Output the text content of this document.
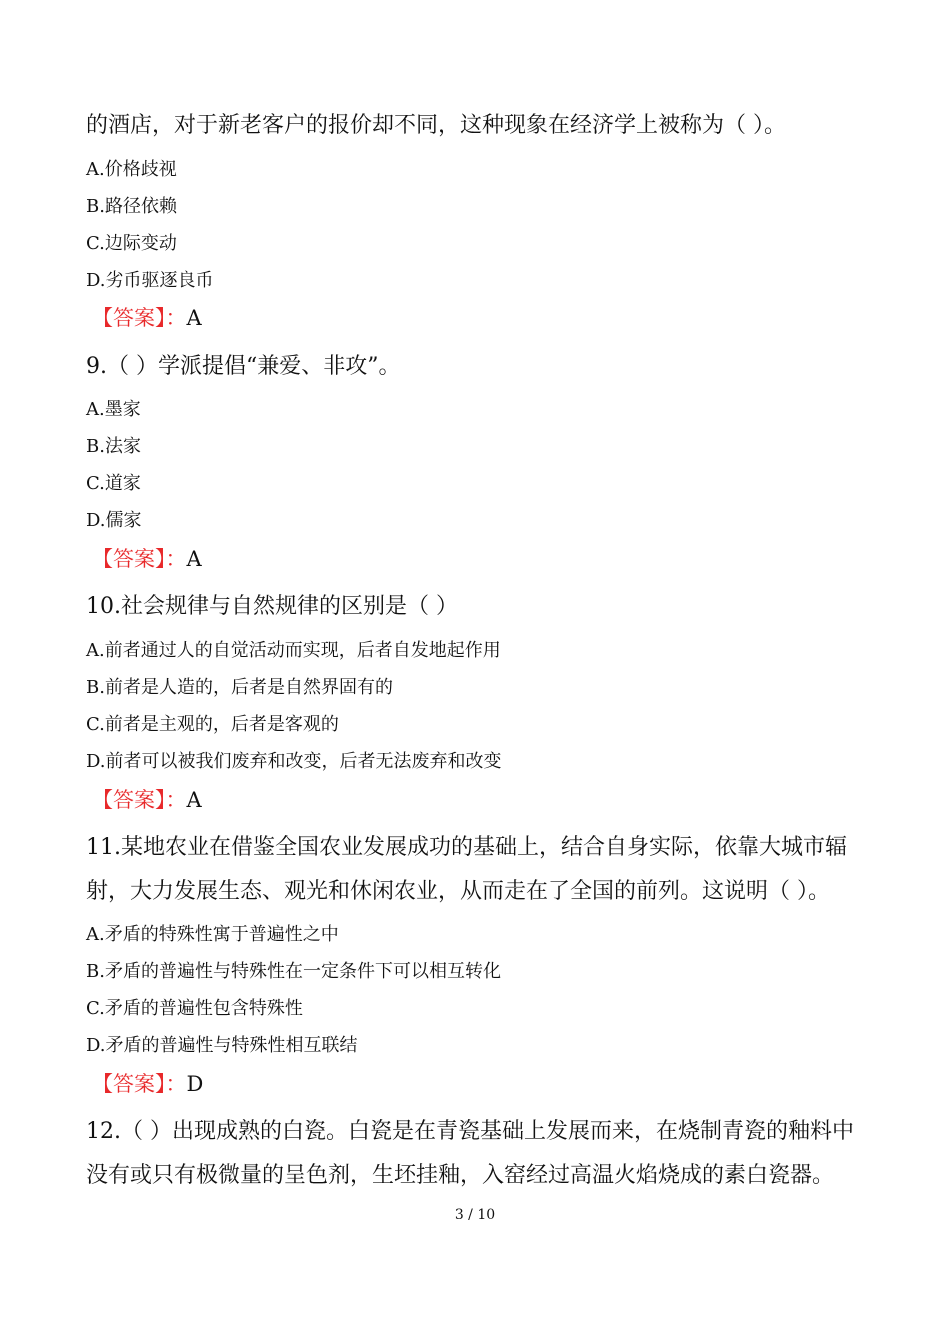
的酒店，对于新老客户的报价却不同，这种现象在经济学上被称为（ ）。
A.价格歧视
B.路径依赖
C.边际变动
D.劣币驱逐良币
【答案】：A
9.（ ）学派提倡“兼爱、非攻”。
A.墨家
B.法家
C.道家
D.儒家
【答案】：A
10.社会规律与自然规律的区别是（ ）
A.前者通过人的自觉活动而实现，后者自发地起作用
B.前者是人造的，后者是自然界固有的
C.前者是主观的，后者是客观的
D.前者可以被我们废弃和改变，后者无法废弃和改变
【答案】：A
11.某地农业在借鉴全国农业发展成功的基础上，结合自身实际，依靠大城市辐
射，大力发展生态、观光和休闲农业，从而走在了全国的前列。这说明（ ）。
A.矛盾的特殊性寓于普遍性之中
B.矛盾的普遍性与特殊性在一定条件下可以相互转化
C.矛盾的普遍性包含特殊性
D.矛盾的普遍性与特殊性相互联结
【答案】：D
12.（ ）出现成熟的白瓷。白瓷是在青瓷基础上发展而来，在烧制青瓷的釉料中
没有或只有极微量的呈色剂，生坯挂釉，入窑经过高温火焰烧成的素白瓷器。
3 / 10
